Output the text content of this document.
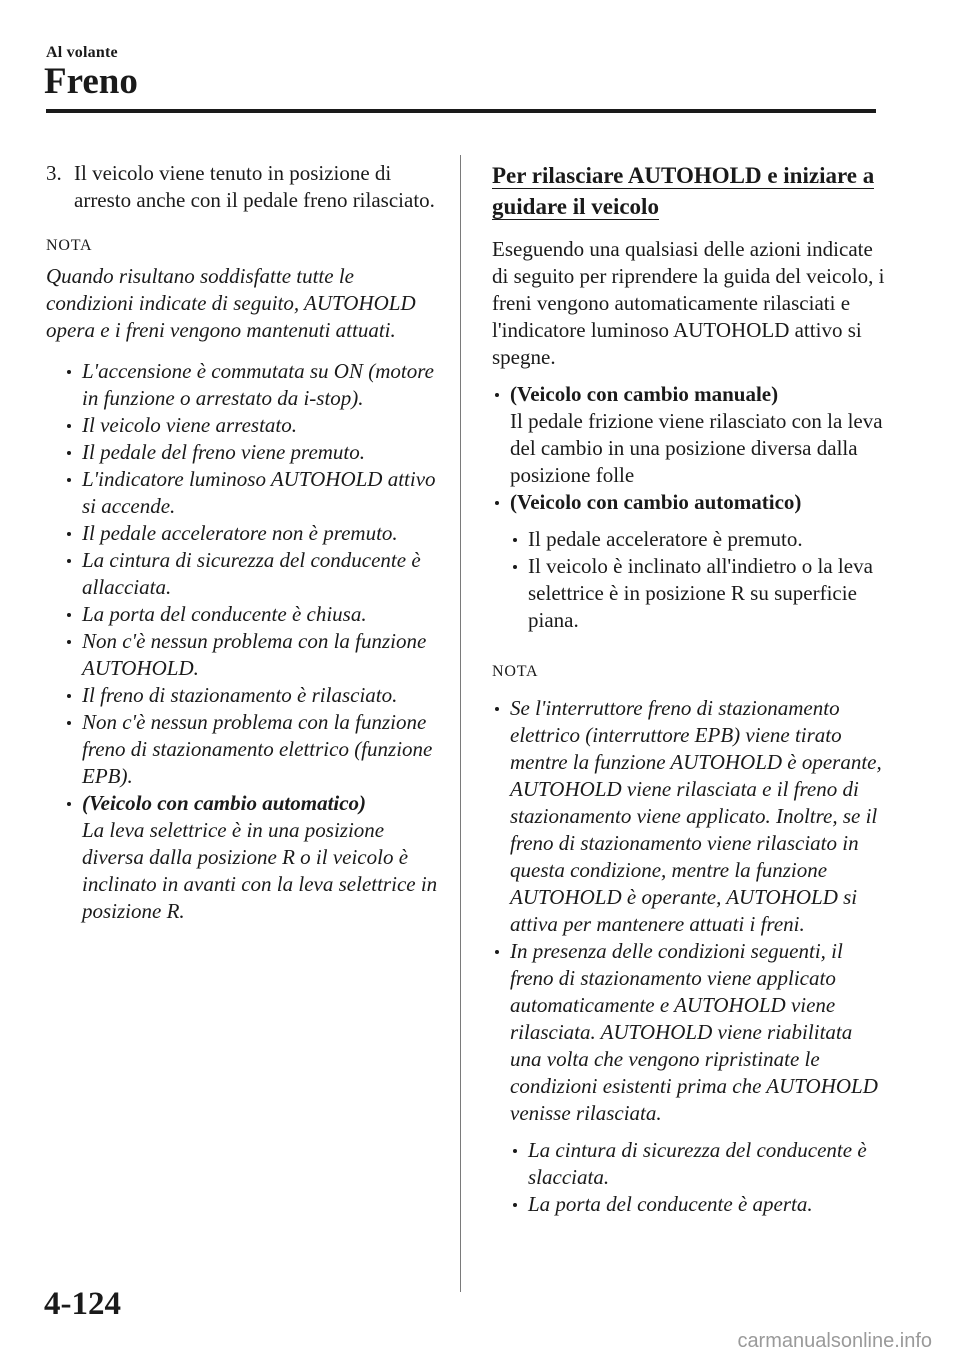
Al volante
Freno
3. Il veicolo viene tenuto in posizione di arresto anche con il pedale freno rilasciato.

NOTA

Quando risultano soddisfatte tutte le condizioni indicate di seguito, AUTOHOLD opera e i freni vengono mantenuti attuati.

L'accensione è commutata su ON (motore in funzione o arrestato da i-stop).
Il veicolo viene arrestato.
Il pedale del freno viene premuto.
L'indicatore luminoso AUTOHOLD attivo si accende.
Il pedale acceleratore non è premuto.
La cintura di sicurezza del conducente è allacciata.
La porta del conducente è chiusa.
Non c'è nessun problema con la funzione AUTOHOLD.
Il freno di stazionamento è rilasciato.
Non c'è nessun problema con la funzione freno di stazionamento elettrico (funzione EPB).
(Veicolo con cambio automatico)
La leva selettrice è in una posizione diversa dalla posizione R o il veicolo è inclinato in avanti con la leva selettrice in posizione R.
Per rilasciare AUTOHOLD e iniziare a
guidare il veicolo

Eseguendo una qualsiasi delle azioni indicate di seguito per riprendere la guida del veicolo, i freni vengono automaticamente rilasciati e l'indicatore luminoso AUTOHOLD attivo si spegne.

(Veicolo con cambio manuale)
Il pedale frizione viene rilasciato con la leva del cambio in una posizione diversa dalla posizione folle
(Veicolo con cambio automatico)
Il pedale acceleratore è premuto.
Il veicolo è inclinato all'indietro o la leva selettrice è in posizione R su superficie piana.

NOTA

Se l'interruttore freno di stazionamento elettrico (interruttore EPB) viene tirato mentre la funzione AUTOHOLD è operante, AUTOHOLD viene rilasciata e il freno di stazionamento viene applicato. Inoltre, se il freno di stazionamento viene rilasciato in questa condizione, mentre la funzione AUTOHOLD è operante, AUTOHOLD si attiva per mantenere attuati i freni.
In presenza delle condizioni seguenti, il freno di stazionamento viene applicato automaticamente e AUTOHOLD viene rilasciata. AUTOHOLD viene riabilitata una volta che vengono ripristinate le condizioni esistenti prima che AUTOHOLD venisse rilasciata.
La cintura di sicurezza del conducente è slacciata.
La porta del conducente è aperta.
4-124
carmanualsonline.info
